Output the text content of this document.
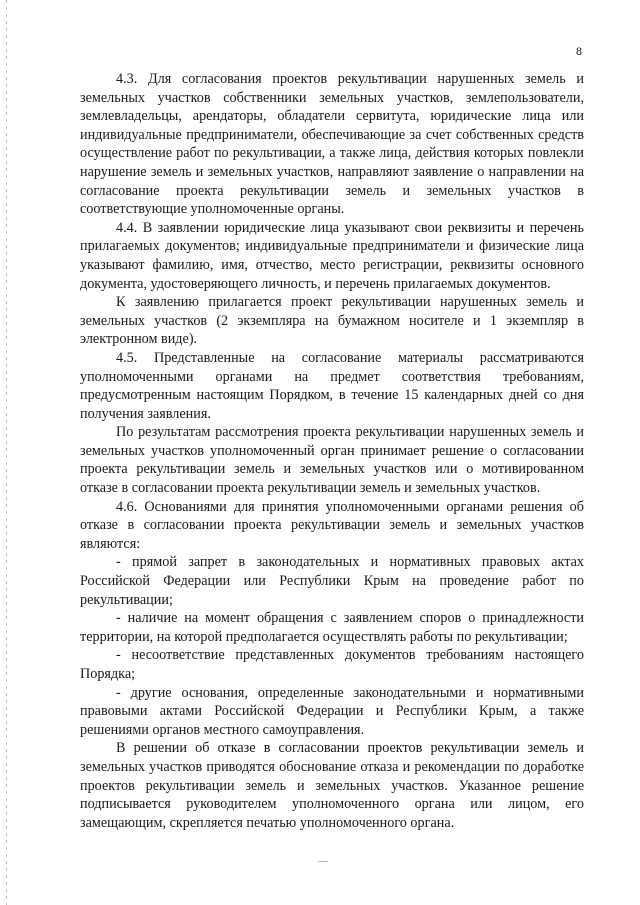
8

4.3. Для согласования проектов рекультивации нарушенных земель и земельных участков собственники земельных участков, землепользователи, землевладельцы, арендаторы, обладатели сервитута, юридические лица или индивидуальные предприниматели, обеспечивающие за счет собственных средств осуществление работ по рекультивации, а также лица, действия которых повлекли нарушение земель и земельных участков, направляют заявление о направлении на согласование проекта рекультивации земель и земельных участков в соответствующие уполномоченные органы.

4.4. В заявлении юридические лица указывают свои реквизиты и перечень прилагаемых документов; индивидуальные предприниматели и физические лица указывают фамилию, имя, отчество, место регистрации, реквизиты основного документа, удостоверяющего личность, и перечень прилагаемых документов.

К заявлению прилагается проект рекультивации нарушенных земель и земельных участков (2 экземпляра на бумажном носителе и 1 экземпляр в электронном виде).

4.5. Представленные на согласование материалы рассматриваются уполномоченными органами на предмет соответствия требованиям, предусмотренным настоящим Порядком, в течение 15 календарных дней со дня получения заявления.

По результатам рассмотрения проекта рекультивации нарушенных земель и земельных участков уполномоченный орган принимает решение о согласовании проекта рекультивации земель и земельных участков или о мотивированном отказе в согласовании проекта рекультивации земель и земельных участков.

4.6. Основаниями для принятия уполномоченными органами решения об отказе в согласовании проекта рекультивации земель и земельных участков являются:

- прямой запрет в законодательных и нормативных правовых актах Российской Федерации или Республики Крым на проведение работ по рекультивации;

- наличие на момент обращения с заявлением споров о принадлежности территории, на которой предполагается осуществлять работы по рекультивации;

- несоответствие представленных документов требованиям настоящего Порядка;

- другие основания, определенные законодательными и нормативными правовыми актами Российской Федерации и Республики Крым, а также решениями органов местного самоуправления.

В решении об отказе в согласовании проектов рекультивации земель и земельных участков приводятся обоснование отказа и рекомендации по доработке проектов рекультивации земель и земельных участков. Указанное решение подписывается руководителем уполномоченного органа или лицом, его замещающим, скрепляется печатью уполномоченного органа.

—
